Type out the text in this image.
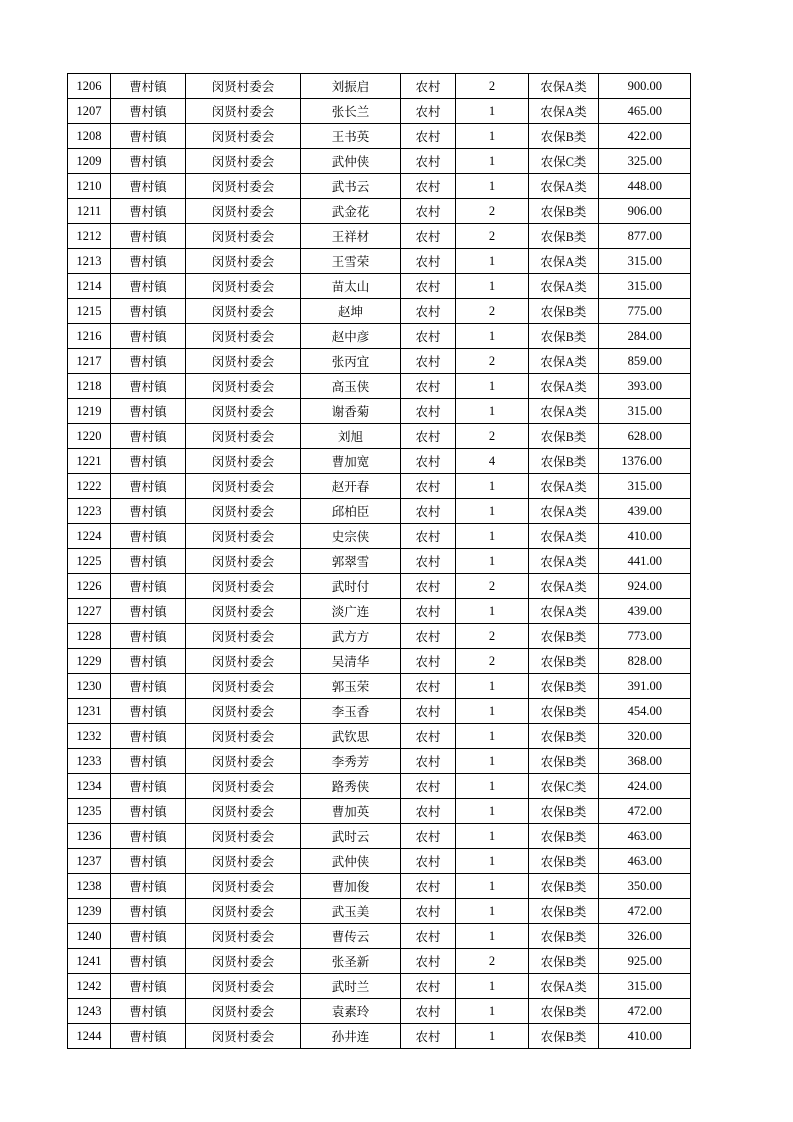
1206	曹村镇	闵贤村委会	刘振启	农村	2	农保A类	900.00
1207	曹村镇	闵贤村委会	张长兰	农村	1	农保A类	465.00
1208	曹村镇	闵贤村委会	王书英	农村	1	农保B类	422.00
1209	曹村镇	闵贤村委会	武仲侠	农村	1	农保C类	325.00
1210	曹村镇	闵贤村委会	武书云	农村	1	农保A类	448.00
1211	曹村镇	闵贤村委会	武金花	农村	2	农保B类	906.00
1212	曹村镇	闵贤村委会	王祥材	农村	2	农保B类	877.00
1213	曹村镇	闵贤村委会	王雪荣	农村	1	农保A类	315.00
1214	曹村镇	闵贤村委会	苗太山	农村	1	农保A类	315.00
1215	曹村镇	闵贤村委会	赵坤	农村	2	农保B类	775.00
1216	曹村镇	闵贤村委会	赵中彦	农村	1	农保B类	284.00
1217	曹村镇	闵贤村委会	张丙宜	农村	2	农保A类	859.00
1218	曹村镇	闵贤村委会	高玉侠	农村	1	农保A类	393.00
1219	曹村镇	闵贤村委会	谢香菊	农村	1	农保A类	315.00
1220	曹村镇	闵贤村委会	刘旭	农村	2	农保B类	628.00
1221	曹村镇	闵贤村委会	曹加宽	农村	4	农保B类	1376.00
1222	曹村镇	闵贤村委会	赵开春	农村	1	农保A类	315.00
1223	曹村镇	闵贤村委会	邱柏臣	农村	1	农保A类	439.00
1224	曹村镇	闵贤村委会	史宗侠	农村	1	农保A类	410.00
1225	曹村镇	闵贤村委会	郭翠雪	农村	1	农保A类	441.00
1226	曹村镇	闵贤村委会	武时付	农村	2	农保A类	924.00
1227	曹村镇	闵贤村委会	淡广连	农村	1	农保A类	439.00
1228	曹村镇	闵贤村委会	武方方	农村	2	农保B类	773.00
1229	曹村镇	闵贤村委会	吴清华	农村	2	农保B类	828.00
1230	曹村镇	闵贤村委会	郭玉荣	农村	1	农保B类	391.00
1231	曹村镇	闵贤村委会	李玉香	农村	1	农保B类	454.00
1232	曹村镇	闵贤村委会	武钦思	农村	1	农保B类	320.00
1233	曹村镇	闵贤村委会	李秀芳	农村	1	农保B类	368.00
1234	曹村镇	闵贤村委会	路秀侠	农村	1	农保C类	424.00
1235	曹村镇	闵贤村委会	曹加英	农村	1	农保B类	472.00
1236	曹村镇	闵贤村委会	武时云	农村	1	农保B类	463.00
1237	曹村镇	闵贤村委会	武仲侠	农村	1	农保B类	463.00
1238	曹村镇	闵贤村委会	曹加俊	农村	1	农保B类	350.00
1239	曹村镇	闵贤村委会	武玉美	农村	1	农保B类	472.00
1240	曹村镇	闵贤村委会	曹传云	农村	1	农保B类	326.00
1241	曹村镇	闵贤村委会	张圣新	农村	2	农保B类	925.00
1242	曹村镇	闵贤村委会	武时兰	农村	1	农保A类	315.00
1243	曹村镇	闵贤村委会	袁素玲	农村	1	农保B类	472.00
1244	曹村镇	闵贤村委会	孙井连	农村	1	农保B类	410.00
